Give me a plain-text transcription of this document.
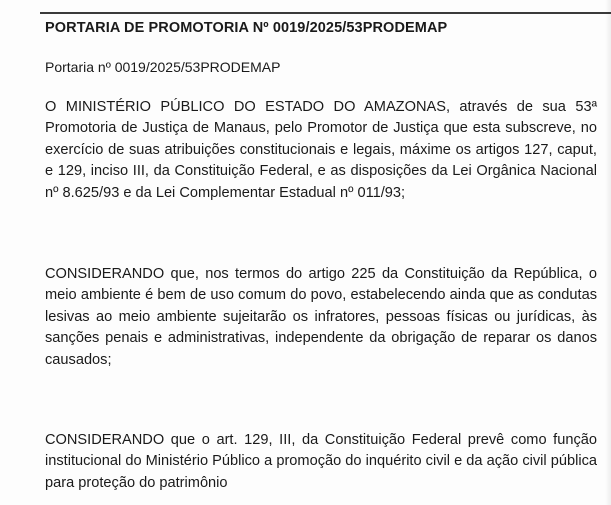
PORTARIA DE PROMOTORIA Nº 0019/2025/53PRODEMAP
Portaria nº 0019/2025/53PRODEMAP
O MINISTÉRIO PÚBLICO DO ESTADO DO AMAZONAS, através de sua 53ª Promotoria de Justiça de Manaus, pelo Promotor de Justiça que esta subscreve, no exercício de suas atribuições constitucionais e legais, máxime os artigos 127, caput, e 129, inciso III, da Constituição Federal, e as disposições da Lei Orgânica Nacional nº 8.625/93 e da Lei Complementar Estadual nº 011/93;
CONSIDERANDO que, nos termos do artigo 225 da Constituição da República, o meio ambiente é bem de uso comum do povo, estabelecendo ainda que as condutas lesivas ao meio ambiente sujeitarão os infratores, pessoas físicas ou jurídicas, às sanções penais e administrativas, independente da obrigação de reparar os danos causados;
CONSIDERANDO que o art. 129, III, da Constituição Federal prevê como função institucional do Ministério Público a promoção do inquérito civil e da ação civil pública para proteção do patrimônio
